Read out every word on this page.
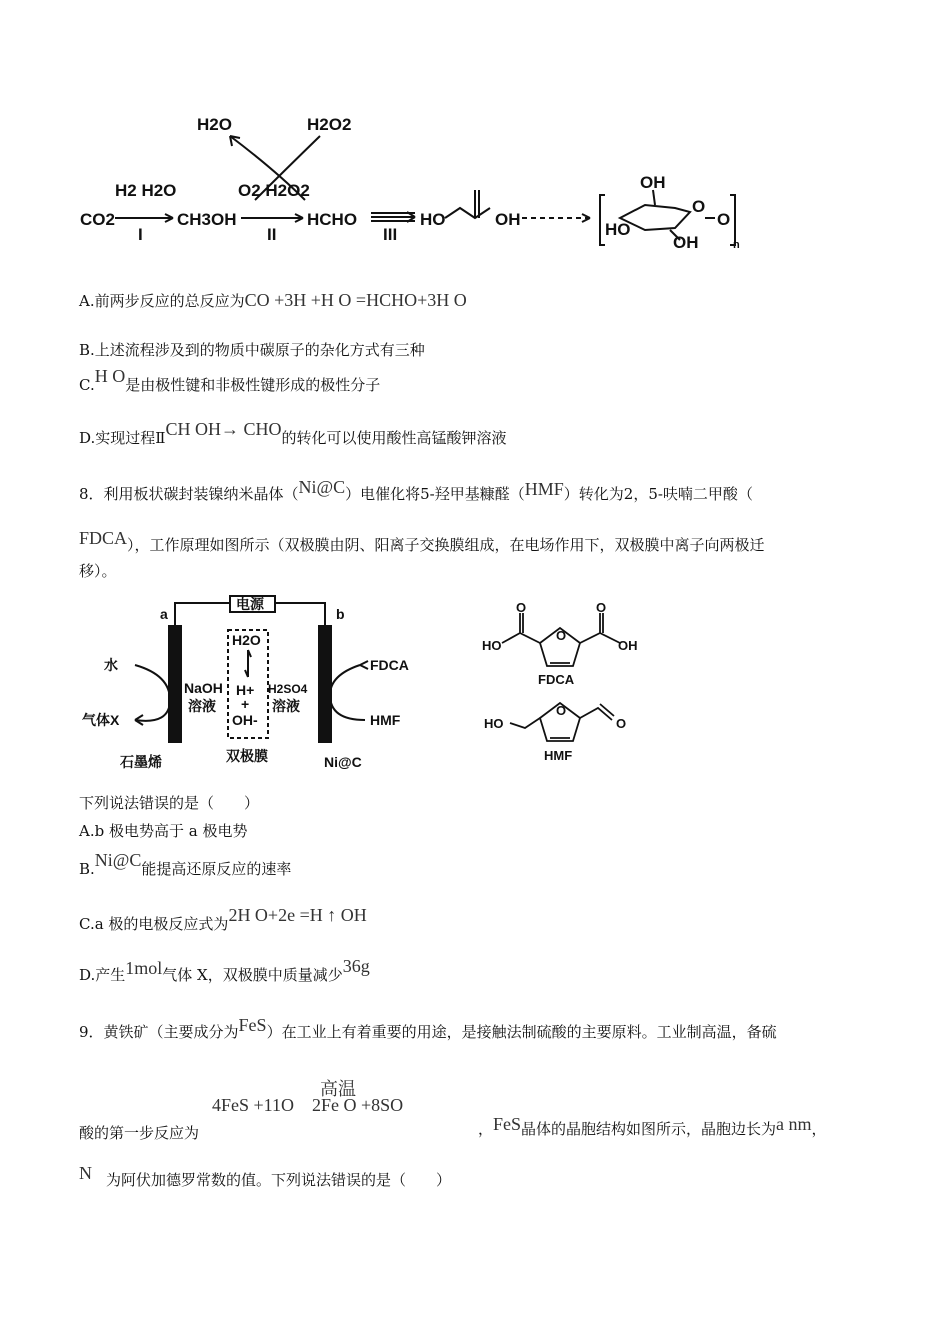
H2O	H2O2
CO2
H2 H2O
I
CH3OH
O2 H2O2
II
HCHO
III
HO	OH
OH
HO
OH
O
O
n
A.前两步反应的总反应为CO +3H +H O =HCHO+3H O
B.上述流程涉及到的物质中碳原子的杂化方式有三种
C.H O是由极性键和非极性键形成的极性分子
D.实现过程ⅡCH OH→ CHO的转化可以使用酸性高锰酸钾溶液
8．利用板状碳封装镍纳米晶体（Ni@C）电催化将5-羟甲基糠醛（HMF）转化为2，5-呋喃二甲酸（
FDCA），工作原理如图所示（双极膜由阴、阳离子交换膜组成，在电场作用下，双极膜中离子向两极迁
移）。
电源
a	b
水
气体X
NaOH
溶液
H2O
H+
+
OH-
H2SO4
溶液
FDCA
HMF
石墨烯	双极膜	Ni@C
O	O
O
HO	OH
FDCA
HO
O
O
HMF
下列说法错误的是（　　）
A.b 极电势高于 a 极电势
B.Ni@C能提高还原反应的速率
C.a 极的电极反应式为2H O+2e =H ↑ OH
D.产生1mol气体 X，双极膜中质量减少36g
9．黄铁矿（主要成分为FeS）在工业上有着重要的用途，是接触法制硫酸的主要原料。工业制高温，备硫
高温
4FeS +11O    2Fe O +8SO
酸的第一步反应为	，FeS晶体的晶胞结构如图所示，晶胞边长为a nm，
N 为阿伏加德罗常数的值。下列说法错误的是（　　）
